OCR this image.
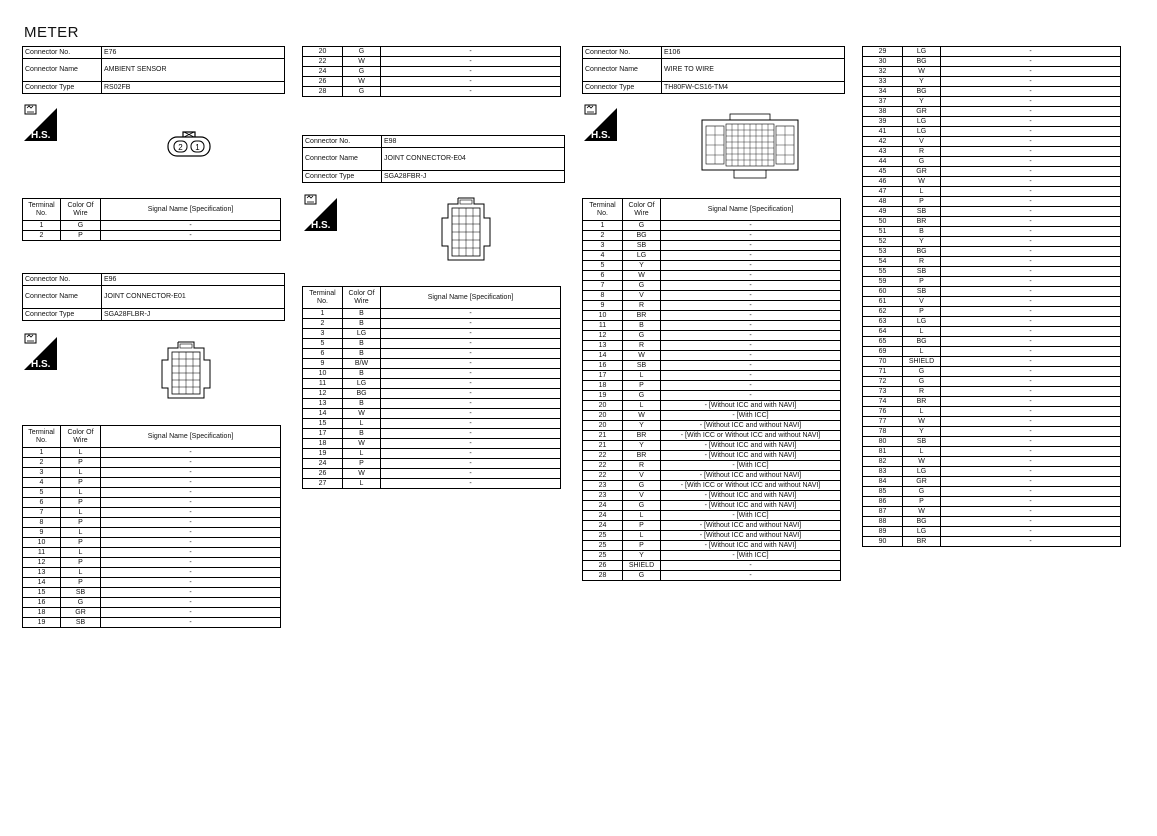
METER
Connector No.	E76
Connector Name	AMBIENT SENSOR
Connector Type	RS02FB
H.S.
2 1
Terminal No.	Color Of Wire	Signal Name [Specification]
1	G	-
2	P	-
Connector No.	E96
Connector Name	JOINT CONNECTOR-E01
Connector Type	SGA28FLBR-J
H.S.
Terminal No.	Color Of Wire	Signal Name [Specification]
1	L	-
2	P	-
3	L	-
4	P	-
5	L	-
6	P	-
7	L	-
8	P	-
9	L	-
10	P	-
11	L	-
12	P	-
13	L	-
14	P	-
15	SB	-
16	G	-
18	GR	-
19	SB	-
20	G	-
22	W	-
24	G	-
26	W	-
28	G	-
Connector No.	E98
Connector Name	JOINT CONNECTOR-E04
Connector Type	SGA28FBR-J
H.S.
Terminal No.	Color Of Wire	Signal Name [Specification]
1	B	-
2	B	-
3	LG	-
5	B	-
6	B	-
9	B/W	-
10	B	-
11	LG	-
12	BG	-
13	B	-
14	W	-
15	L	-
17	B	-
18	W	-
19	L	-
24	P	-
26	W	-
27	L	-
Connector No.	E106
Connector Name	WIRE TO WIRE
Connector Type	TH80FW-CS16-TM4
H.S.
Terminal No.	Color Of Wire	Signal Name [Specification]
1	G	-
2	BG	-
3	SB	-
4	LG	-
5	Y	-
6	W	-
7	G	-
8	V	-
9	R	-
10	BR	-
11	B	-
12	G	-
13	R	-
14	W	-
16	SB	-
17	L	-
18	P	-
19	G	-
20	L	- [Without ICC and with NAVI]
20	W	- [With ICC]
20	Y	- [Without ICC and without NAVI]
21	BR	- [With ICC or Without ICC and without NAVI]
21	Y	- [Without ICC and with NAVI]
22	BR	- [Without ICC and with NAVI]
22	R	- [With ICC]
22	V	- [Without ICC and without NAVI]
23	G	- [With ICC or Without ICC and without NAVI]
23	V	- [Without ICC and with NAVI]
24	G	- [Without ICC and with NAVI]
24	L	- [With ICC]
24	P	- [Without ICC and without NAVI]
25	L	- [Without ICC and without NAVI]
25	P	- [Without ICC and with NAVI]
25	Y	- [With ICC]
26	SHIELD	-
28	G	-
29	LG	-
30	BG	-
32	W	-
33	Y	-
34	BG	-
37	Y	-
38	GR	-
39	LG	-
41	LG	-
42	V	-
43	R	-
44	G	-
45	GR	-
46	W	-
47	L	-
48	P	-
49	SB	-
50	BR	-
51	B	-
52	Y	-
53	BG	-
54	R	-
55	SB	-
59	P	-
60	SB	-
61	V	-
62	P	-
63	LG	-
64	L	-
65	BG	-
69	L	-
70	SHIELD	-
71	G	-
72	G	-
73	R	-
74	BR	-
76	L	-
77	W	-
78	Y	-
80	SB	-
81	L	-
82	W	-
83	LG	-
84	GR	-
85	G	-
86	P	-
87	W	-
88	BG	-
89	LG	-
90	BR	-
